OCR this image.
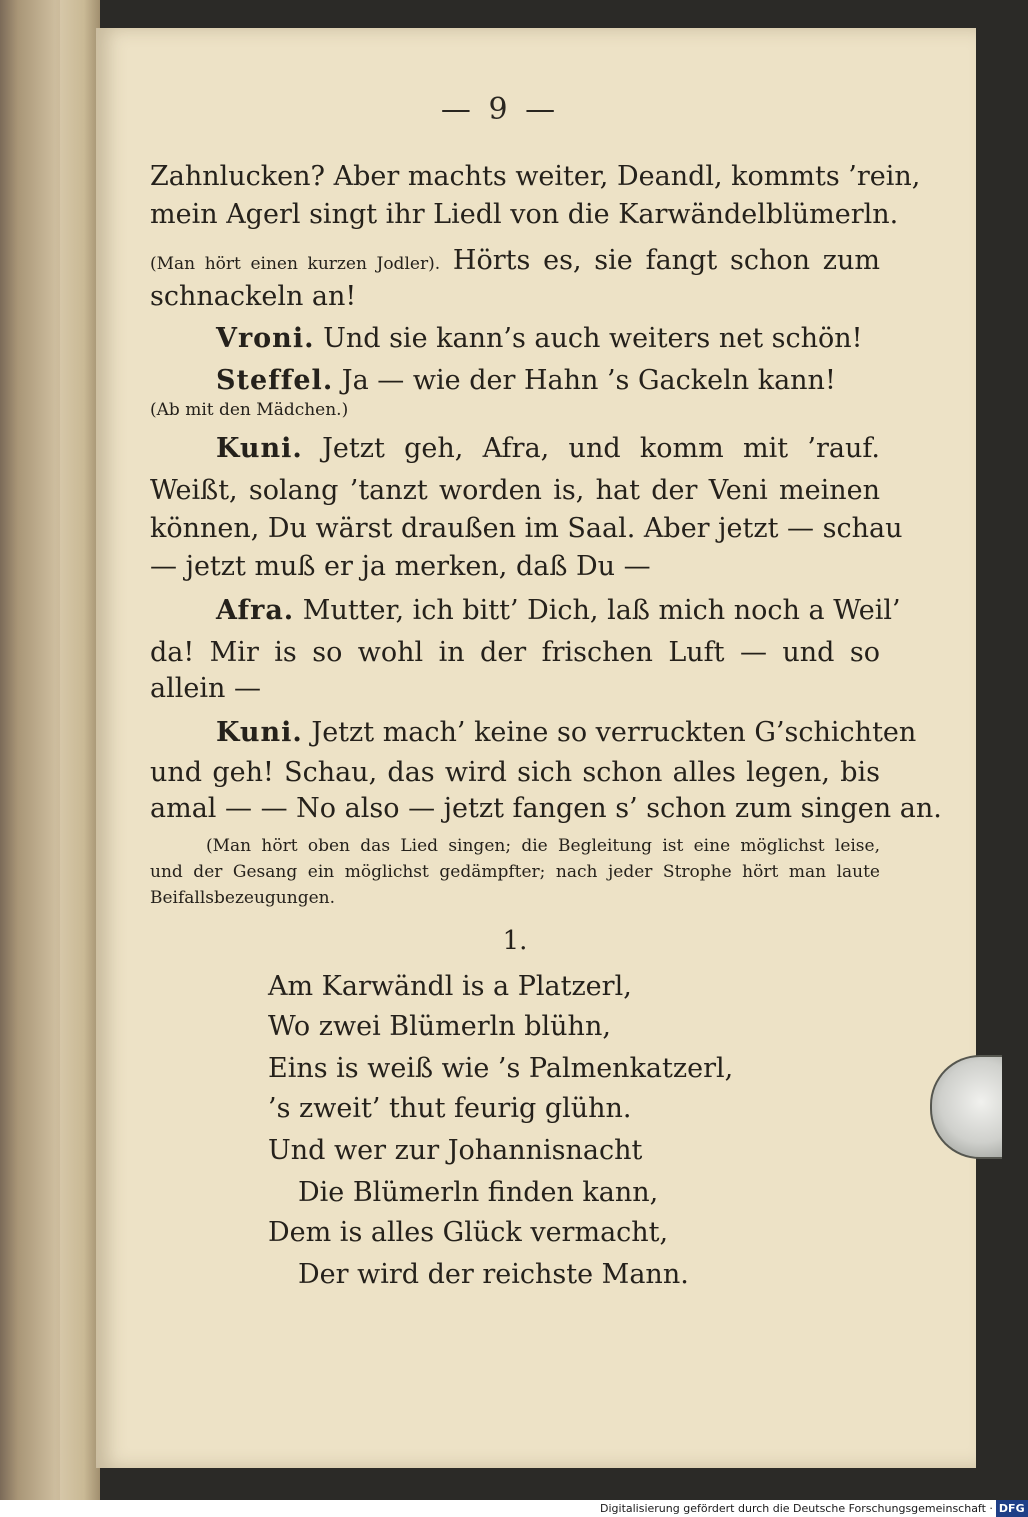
— 9 —
Zahnlucken? Aber machts weiter, Deandl, kommts ’rein,
mein Agerl singt ihr Liedl von die Karwändelblümerln.
(Man hört einen kurzen Jodler). Hörts es, sie fangt schon zum
schnackeln an!
Vroni. Und sie kann’s auch weiters net schön!
Steffel. Ja — wie der Hahn ’s Gackeln kann!
(Ab mit den Mädchen.)
Kuni. Jetzt geh, Afra, und komm mit ’rauf.
Weißt, solang ’tanzt worden is, hat der Veni meinen
können, Du wärst draußen im Saal. Aber jetzt — schau
— jetzt muß er ja merken, daß Du —
Afra. Mutter, ich bitt’ Dich, laß mich noch a Weil’
da! Mir is so wohl in der frischen Luft — und so
allein —
Kuni. Jetzt mach’ keine so verruckten G’schichten
und geh! Schau, das wird sich schon alles legen, bis
amal — — No also — jetzt fangen s’ schon zum singen an.
(Man hört oben das Lied singen; die Begleitung ist eine möglichst leise,
und der Gesang ein möglichst gedämpfter; nach jeder Strophe hört man laute
Beifallsbezeugungen.
1.
Am Karwändl is a Platzerl,
Wo zwei Blümerln blühn,
Eins is weiß wie ’s Palmenkatzerl,
’s zweit’ thut feurig glühn.
Und wer zur Johannisnacht
Die Blümerln finden kann,
Dem is alles Glück vermacht,
Der wird der reichste Mann.
Digitalisierung gefördert durch die Deutsche Forschungsgemeinschaft · DFG
